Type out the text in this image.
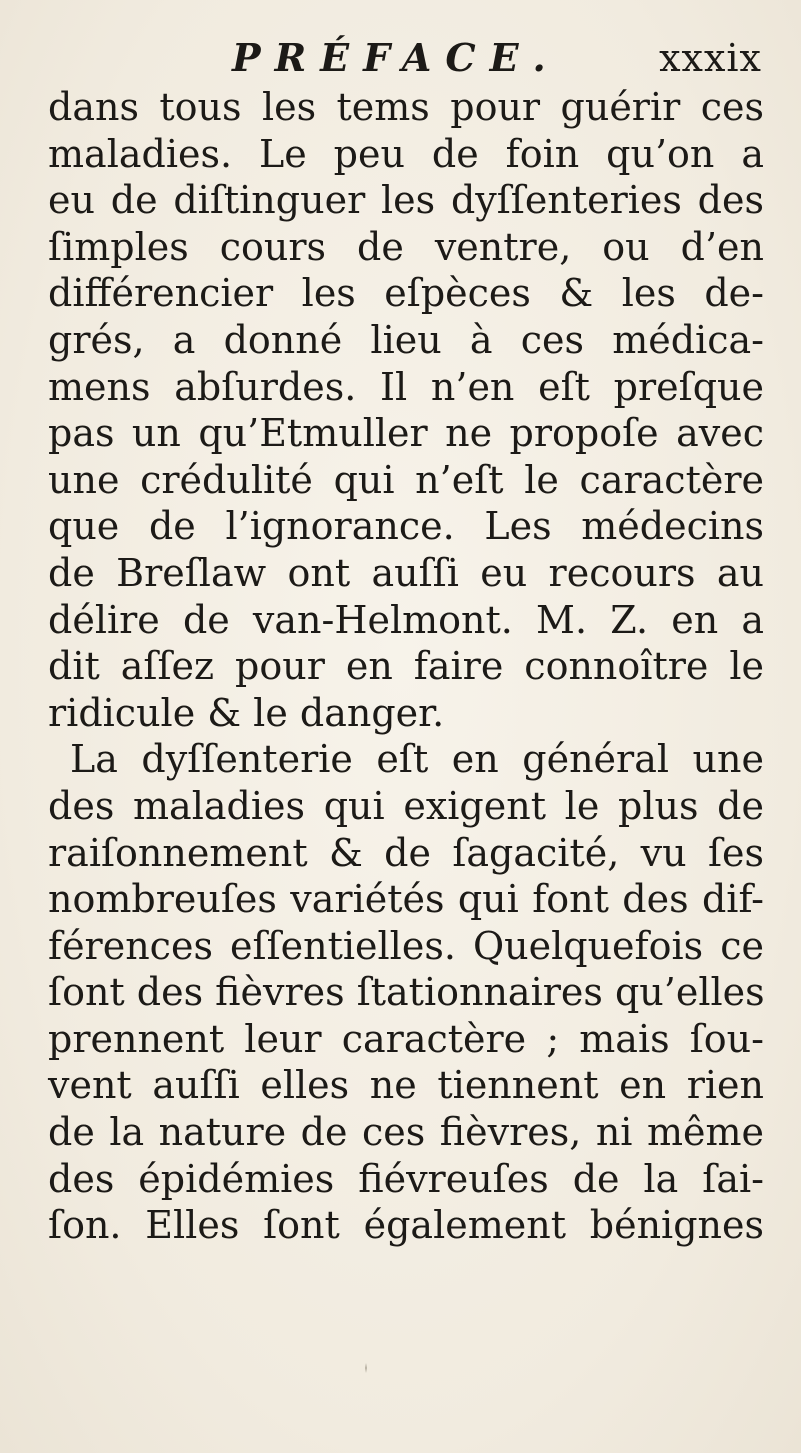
PRÉFACE.	xxxix
dans tous les tems pour guérir ces
maladies. Le peu de foin qu’on a
eu de diſtinguer les dyſſenteries des
ſimples cours de ventre, ou d’en
différencier les eſpèces & les de-
grés, a donné lieu à ces médica-
mens abſurdes. Il n’en eſt preſque
pas un qu’Etmuller ne propoſe avec
une crédulité qui n’eſt le caractère
que de l’ignorance. Les médecins
de Breſlaw ont auſſi eu recours au
délire de van-Helmont. M. Z. en a
dit aſſez pour en faire connoître le
ridicule & le danger.
La dyſſenterie eſt en général une
des maladies qui exigent le plus de
raiſonnement & de ſagacité, vu ſes
nombreuſes variétés qui font des dif-
férences eſſentielles. Quelquefois ce
ſont des fièvres ſtationnaires qu’elles
prennent leur caractère ; mais ſou-
vent auſſi elles ne tiennent en rien
de la nature de ces fièvres, ni même
des épidémies fiévreuſes de la ſai-
ſon. Elles ſont également bénignes
